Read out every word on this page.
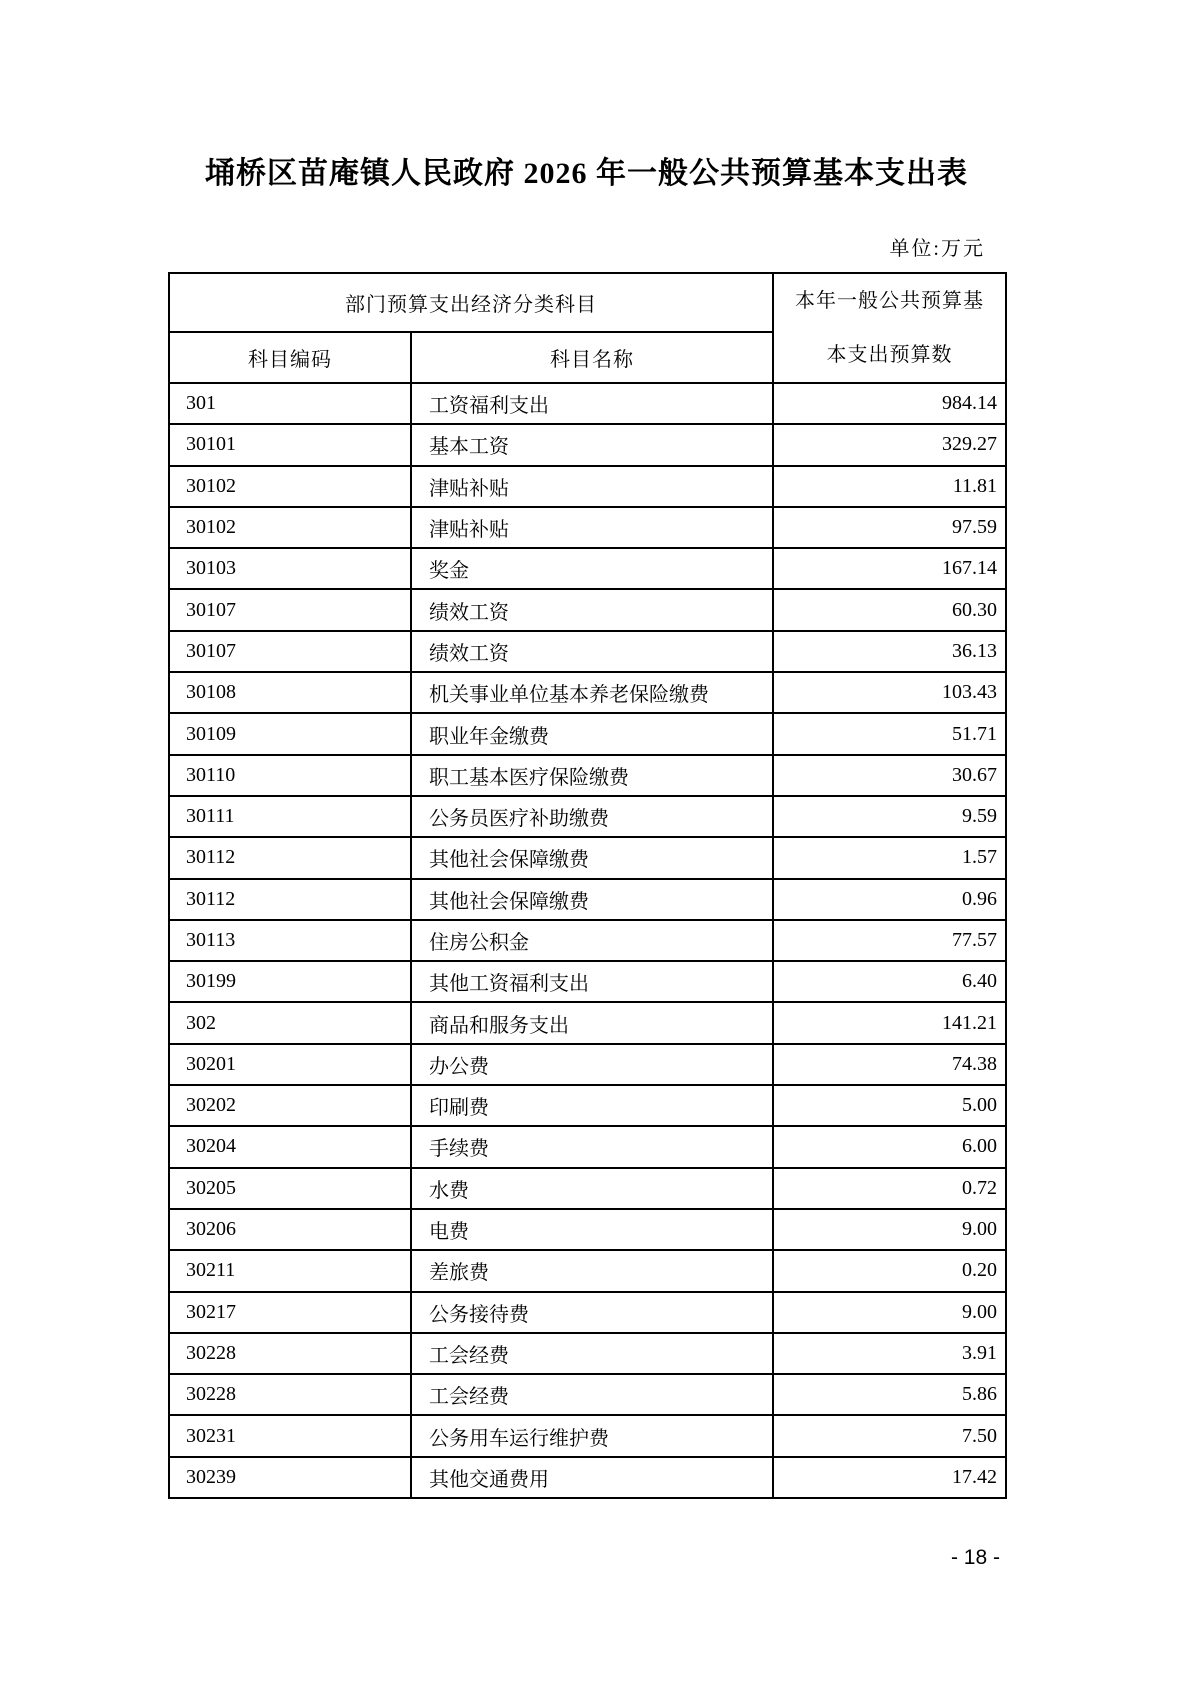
埇桥区苗庵镇人民政府 2026 年一般公共预算基本支出表
单位:万元
部门预算支出经济分类科目		本年一般公共预算基
本支出预算数

科目编码	科目名称	
301	工资福利支出	984.14
30101	基本工资	329.27
30102	津贴补贴	11.81
30102	津贴补贴	97.59
30103	奖金	167.14
30107	绩效工资	60.30
30107	绩效工资	36.13
30108	机关事业单位基本养老保险缴费	103.43
30109	职业年金缴费	51.71
30110	职工基本医疗保险缴费	30.67
30111	公务员医疗补助缴费	9.59
30112	其他社会保障缴费	1.57
30112	其他社会保障缴费	0.96
30113	住房公积金	77.57
30199	其他工资福利支出	6.40
302	商品和服务支出	141.21
30201	办公费	74.38
30202	印刷费	5.00
30204	手续费	6.00
30205	水费	0.72
30206	电费	9.00
30211	差旅费	0.20
30217	公务接待费	9.00
30228	工会经费	3.91
30228	工会经费	5.86
30231	公务用车运行维护费	7.50
30239	其他交通费用	17.42
- 18 -
